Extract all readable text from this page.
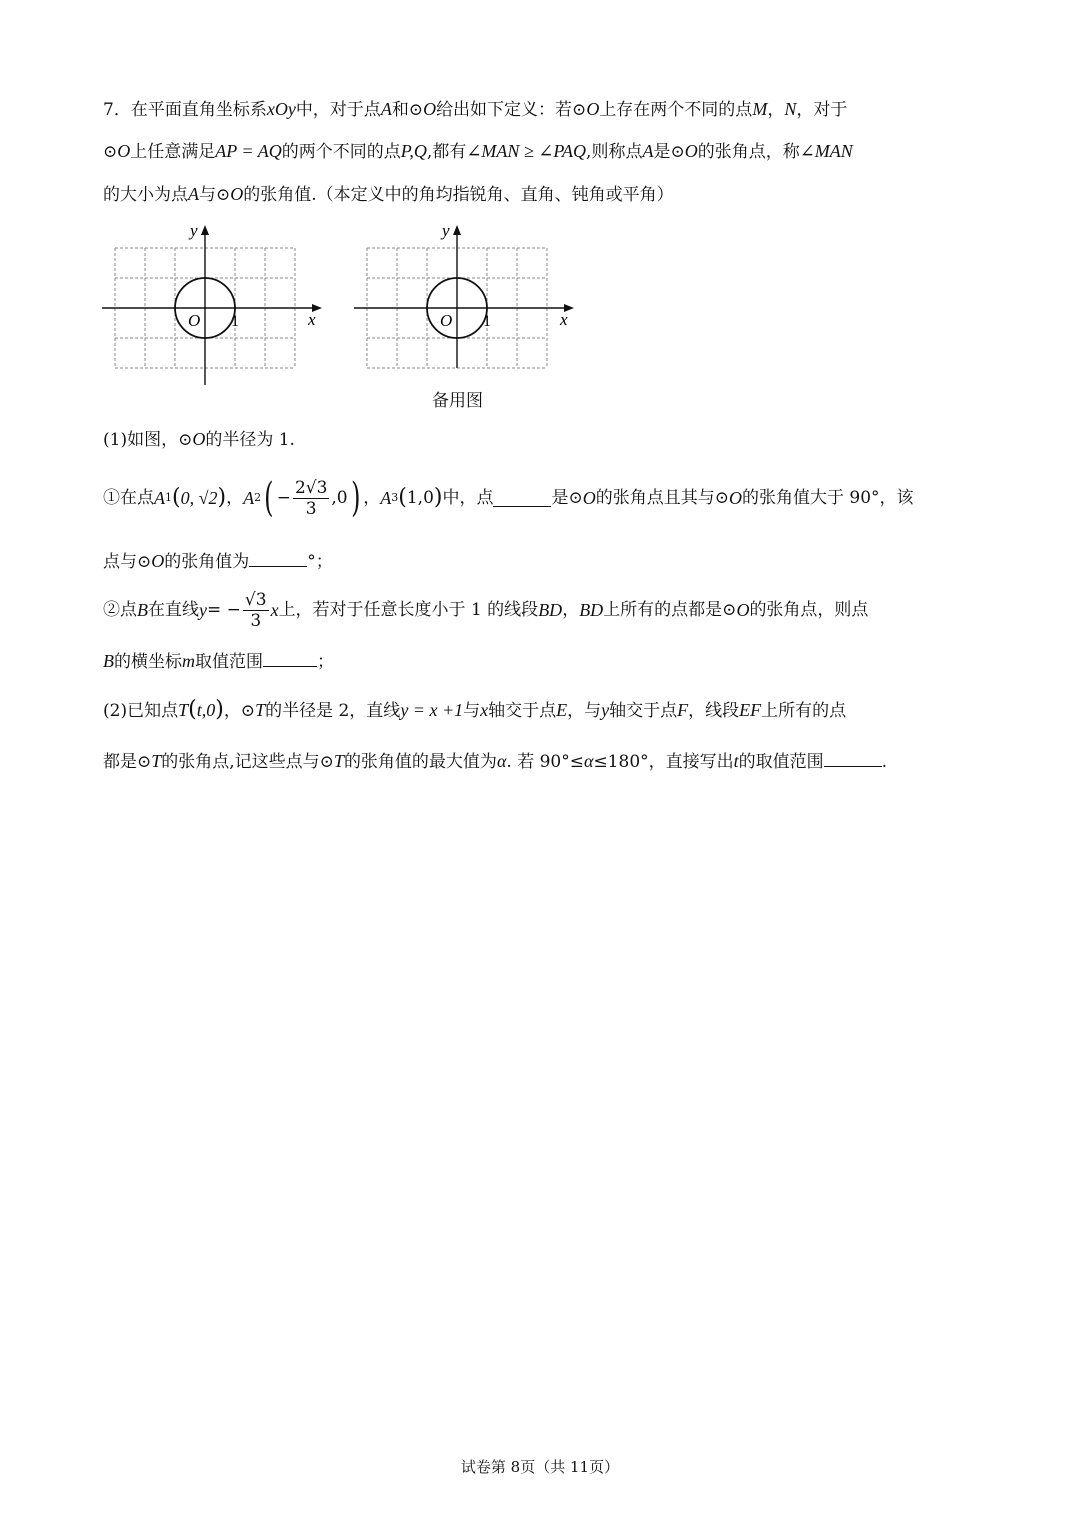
7．在平面直角坐标系xOy中，对于点A和⊙O给出如下定义：若⊙O上存在两个不同的点M，N，对于
⊙O上任意满足AP = AQ的两个不同的点P,Q,都有∠MAN ≥ ∠PAQ,则称点A是⊙O的张角点，称∠MAN
的大小为点A与⊙O的张角值.（本定义中的角均指锐角、直角、钝角或平角）
y
x
O 1
y
x
O 1
备用图
(1)如图，⊙O的半径为 1.
①在点 A 1 ( 0, √2 ) ， A 2 ( − $\frac{2√3}{3} ,0$ ) ， A 3 ( 1,0 ) 中，点	是⊙ O 的张角点且其与⊙ O 的张角值大于 90°，该
点与⊙O的张角值为	°；
②点 B 在直线 y = − $\frac{√3}{3}$ x 上，若对于任意长度小于 1 的线段 BD ， BD 上所有的点都是⊙ O 的张角点，则点
B的横坐标m取值范围	；
(2)已知点T(t,0)，⊙T的半径是 2，直线y = x +1与x轴交于点E，与y轴交于点F，线段EF上所有的点
都是⊙T的张角点,记这些点与⊙T的张角值的最大值为α. 若 90°≤α≤180°，直接写出t的取值范围	.
试卷第 8页（共 11页）
